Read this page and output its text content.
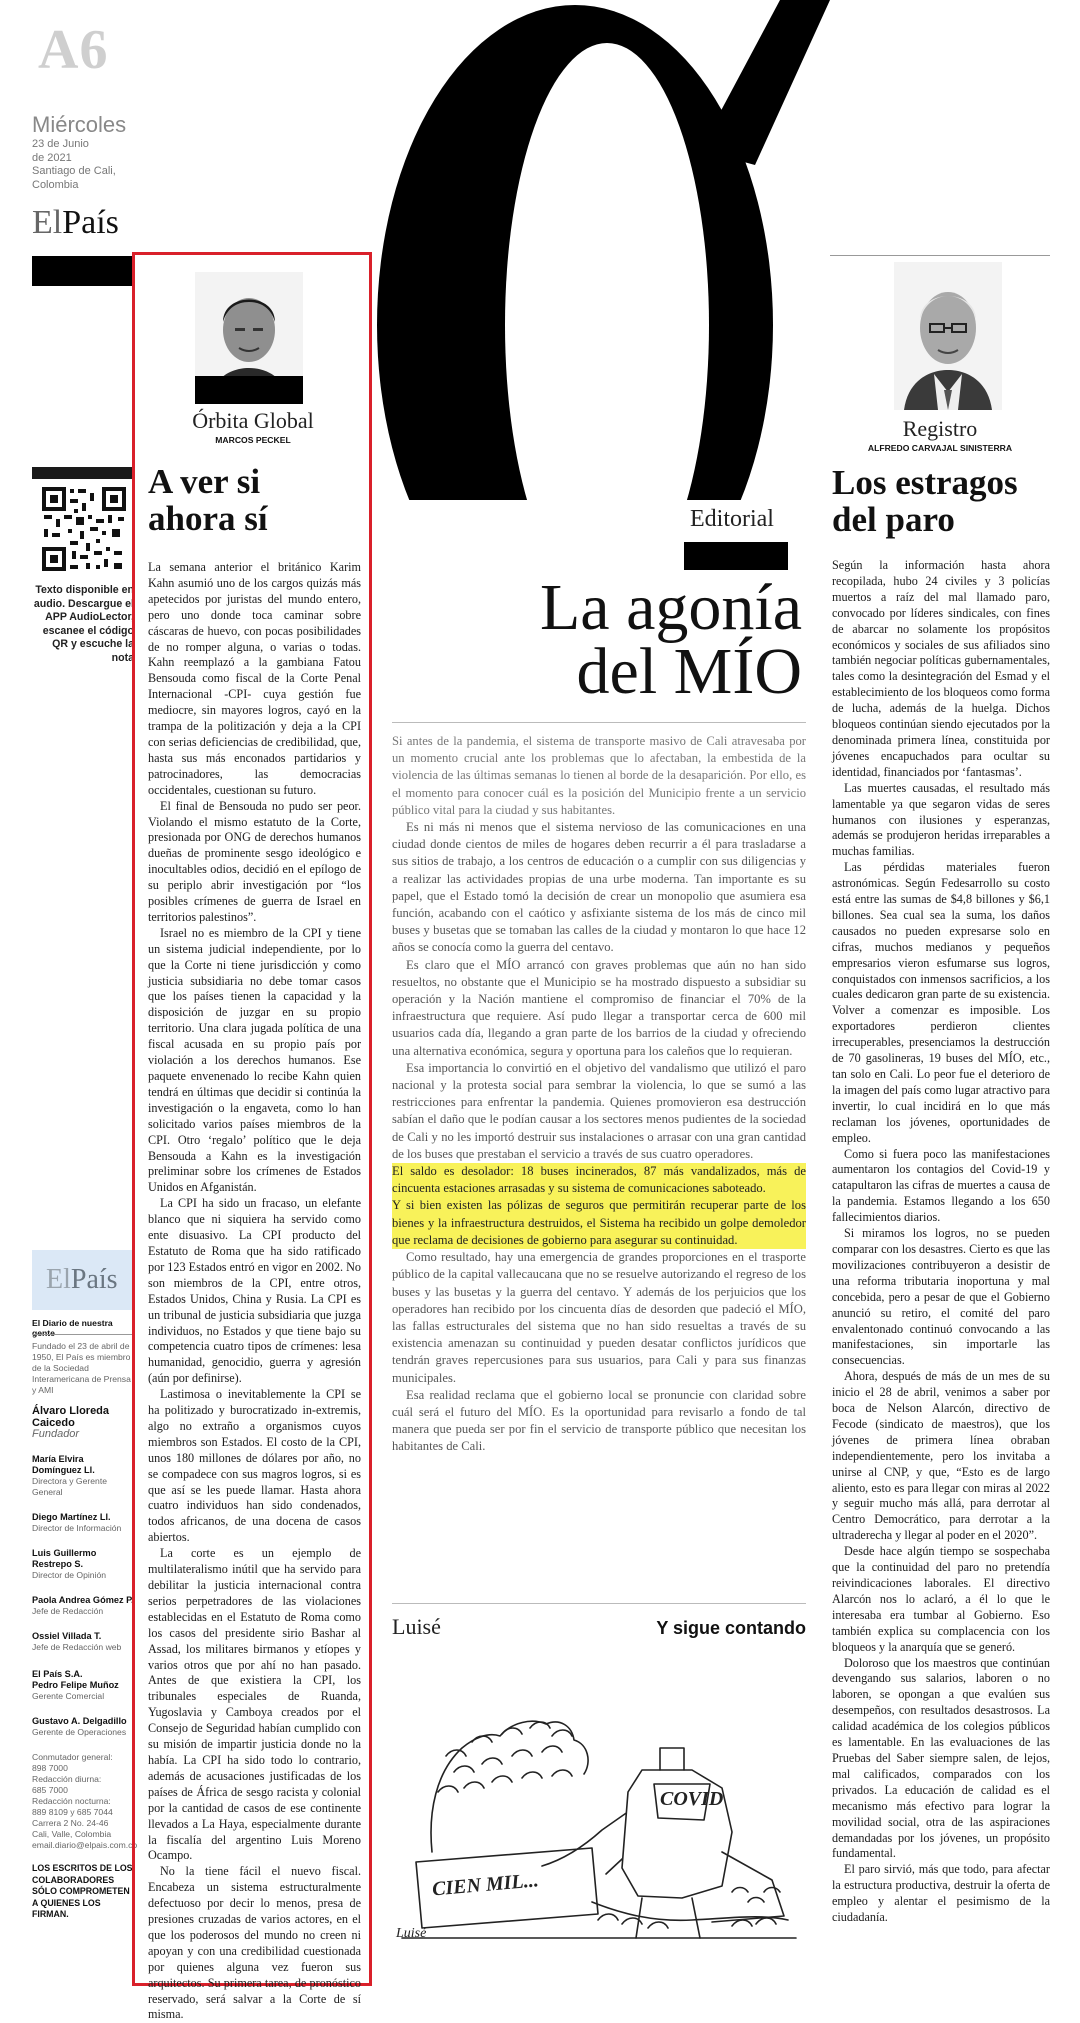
A6
Miércoles
23 de Junio
de 2021
Santiago de Cali,
Colombia
ElPaís
Texto disponible en audio. Descargue el APP AudioLector, escanee el código QR y escuche la nota
ElPaís
El Diario de nuestra gente

Fundado el 23 de abril de 1950, El País es miembro de la Sociedad Interamericana de Prensa y AMI

Álvaro Lloreda Caicedo

Fundador

María Elvira Domínguez Ll.

Directora y Gerente General

Diego Martínez Ll.

Director de Información

Luis Guillermo Restrepo S.

Director de Opinión

Paola Andrea Gómez P.

Jefe de Redacción

Ossiel Villada T.

Jefe de Redacción web

El País S.A.

Pedro Felipe Muñoz

Gerente Comercial

Gustavo A. Delgadillo

Gerente de Operaciones

Conmutador general:

898 7000

Redacción diurna:

685 7000

Redacción nocturna:

889 8109 y 685 7044

Carrera 2 No. 24-46

Cali, Valle, Colombia

email.diario@elpais.com.co

LOS ESCRITOS DE LOS COLABORADORES SÓLO COMPROMETEN A QUIENES LOS FIRMAN.

Órbita Global
MARCOS PECKEL
A ver si
ahora sí

La semana anterior el británico Karim Kahn asumió uno de los cargos quizás más apetecidos por juristas del mundo entero, pero uno donde toca caminar sobre cáscaras de huevo, con pocas posibilidades de no romper alguna, o varias o todas. Kahn reemplazó a la gambiana Fatou Bensouda como fiscal de la Corte Penal Internacional -CPI- cuya gestión fue mediocre, sin mayores logros, cayó en la trampa de la politización y deja a la CPI con serias deficiencias de credibilidad, que, hasta sus más enconados partidarios y patrocinadores, las democracias occidentales, cuestionan su futuro.

El final de Bensouda no pudo ser peor. Violando el mismo estatuto de la Corte, presionada por ONG de derechos humanos dueñas de prominente sesgo ideológico e inocultables odios, decidió en el epílogo de su periplo abrir investigación por “los posibles crímenes de guerra de Israel en territorios palestinos”.

Israel no es miembro de la CPI y tiene un sistema judicial independiente, por lo que la Corte ni tiene jurisdicción y como justicia subsidiaria no debe tomar casos que los países tienen la capacidad y la disposición de juzgar en su propio territorio. Una clara jugada política de una fiscal acusada en su propio país por violación a los derechos humanos. Ese paquete envenenado lo recibe Kahn quien tendrá en últimas que decidir si continúa la investigación o la engaveta, como lo han solicitado varios países miembros de la CPI. Otro ‘regalo’ político que le deja Bensouda a Kahn es la investigación preliminar sobre los crímenes de Estados Unidos en Afganistán.

La CPI ha sido un fracaso, un elefante blanco que ni siquiera ha servido como ente disuasivo. La CPI producto del Estatuto de Roma que ha sido ratificado por 123 Estados entró en vigor en 2002. No son miembros de la CPI, entre otros, Estados Unidos, China y Rusia. La CPI es un tribunal de justicia subsidiaria que juzga individuos, no Estados y que tiene bajo su competencia cuatro tipos de crímenes: lesa humanidad, genocidio, guerra y agresión (aún por definirse).

Lastimosa o inevitablemente la CPI se ha politizado y burocratizado in-extremis, algo no extraño a organismos cuyos miembros son Estados. El costo de la CPI, unos 180 millones de dólares por año, no se compadece con sus magros logros, si es que así se les puede llamar. Hasta ahora cuatro individuos han sido condenados, todos africanos, de una docena de casos abiertos.

La corte es un ejemplo de multilateralismo inútil que ha servido para debilitar la justicia internacional contra serios perpetradores de las violaciones establecidas en el Estatuto de Roma como los casos del presidente sirio Bashar al Assad, los militares birmanos y etíopes y varios otros que por ahí no han pasado. Antes de que existiera la CPI, los tribunales especiales de Ruanda, Yugoslavia y Camboya creados por el Consejo de Seguridad habían cumplido con su misión de impartir justicia donde no la había. La CPI ha sido todo lo contrario, además de acusaciones justificadas de los países de África de sesgo racista y colonial por la cantidad de casos de ese continente llevados a La Haya, especialmente durante la fiscalía del argentino Luis Moreno Ocampo.

No la tiene fácil el nuevo fiscal. Encabeza un sistema estructuralmente defectuoso por decir lo menos, presa de presiones cruzadas de varios actores, en el que los poderosos del mundo no creen ni apoyan y con una credibilidad cuestionada por quienes alguna vez fueron sus arquitectos. Su primera tarea, de pronóstico reservado, será salvar a la Corte de sí misma.

Editorial
La agonía
del MÍO

Si antes de la pandemia, el sistema de transporte masivo de Cali atravesaba por un momento crucial ante los problemas que lo afectaban, la embestida de la violencia de las últimas semanas lo tienen al borde de la desaparición. Por ello, es el momento para conocer cuál es la posición del Municipio frente a un servicio público vital para la ciudad y sus habitantes.

Es ni más ni menos que el sistema nervioso de las comunicaciones en una ciudad donde cientos de miles de hogares deben recurrir a él para trasladarse a sus sitios de trabajo, a los centros de educación o a cumplir con sus diligencias y a realizar las actividades propias de una urbe moderna. Tan importante es su papel, que el Estado tomó la decisión de crear un monopolio que asumiera esa función, acabando con el caótico y asfixiante sistema de los más de cinco mil buses y busetas que se tomaban las calles de la ciudad y montaron lo que hace 12 años se conocía como la guerra del centavo.

Es claro que el MÍO arrancó con graves problemas que aún no han sido resueltos, no obstante que el Municipio se ha mostrado dispuesto a subsidiar su operación y la Nación mantiene el compromiso de financiar el 70% de la infraestructura que requiere. Así pudo llegar a transportar cerca de 600 mil usuarios cada día, llegando a gran parte de los barrios de la ciudad y ofreciendo una alternativa económica, segura y oportuna para los caleños que lo requieran.

Esa importancia lo convirtió en el objetivo del vandalismo que utilizó el paro nacional y la protesta social para sembrar la violencia, lo que se sumó a las restricciones para enfrentar la pandemia. Quienes promovieron esa destrucción sabían el daño que le podían causar a los sectores menos pudientes de la sociedad de Cali y no les importó destruir sus instalaciones o arrasar con una gran cantidad de los buses que prestaban el servicio a través de sus cuatro operadores.

El saldo es desolador: 18 buses incinerados, 87 más vandalizados, más de cincuenta estaciones arrasadas y su sistema de comunicaciones saboteado.

Y si bien existen las pólizas de seguros que permitirán recuperar parte de los bienes y la infraestructura destruidos, el Sistema ha recibido un golpe demoledor que reclama de decisiones de gobierno para asegurar su continuidad.

Como resultado, hay una emergencia de grandes proporciones en el trasporte público de la capital vallecaucana que no se resuelve autorizando el regreso de los buses y las busetas y la guerra del centavo. Y además de los perjuicios que los operadores han recibido por los cincuenta días de desorden que padeció el MÍO, las fallas estructurales del sistema que no han sido resueltas a través de su existencia amenazan su continuidad y pueden desatar conflictos jurídicos que tendrán graves repercusiones para sus usuarios, para Cali y para sus finanzas municipales.

Esa realidad reclama que el gobierno local se pronuncie con claridad sobre cuál será el futuro del MÍO. Es la oportunidad para revisarlo a fondo de tal manera que pueda ser por fin el servicio de transporte público que necesitan los habitantes de Cali.

Luisé	Y sigue contando
CIEN MIL...
COVID
Luisé
Registro
ALFREDO CARVAJAL SINISTERRA
Los estragos
del paro

Según la información hasta ahora recopilada, hubo 24 civiles y 3 policías muertos a raíz del mal llamado paro, convocado por líderes sindicales, con fines de abarcar no solamente los propósitos económicos y sociales de sus afiliados sino también negociar políticas gubernamentales, tales como la desintegración del Esmad y el establecimiento de los bloqueos como forma de lucha, además de la huelga. Dichos bloqueos continúan siendo ejecutados por la denominada primera línea, constituida por jóvenes encapuchados para ocultar su identidad, financiados por ‘fantasmas’.

Las muertes causadas, el resultado más lamentable ya que segaron vidas de seres humanos con ilusiones y esperanzas, además se produjeron heridas irreparables a muchas familias.

Las pérdidas materiales fueron astronómicas. Según Fedesarrollo su costo está entre las sumas de $4,8 billones y $6,1 billones. Sea cual sea la suma, los daños causados no pueden expresarse solo en cifras, muchos medianos y pequeños empresarios vieron esfumarse sus logros, conquistados con inmensos sacrificios, a los cuales dedicaron gran parte de su existencia. Volver a comenzar es imposible. Los exportadores perdieron clientes irrecuperables, presenciamos la destrucción de 70 gasolineras, 19 buses del MÍO, etc., tan solo en Cali. Lo peor fue el deterioro de la imagen del país como lugar atractivo para invertir, lo cual incidirá en lo que más reclaman los jóvenes, oportunidades de empleo.

Como si fuera poco las manifestaciones aumentaron los contagios del Covid-19 y catapultaron las cifras de muertes a causa de la pandemia. Estamos llegando a los 650 fallecimientos diarios.

Si miramos los logros, no se pueden comparar con los desastres. Cierto es que las movilizaciones contribuyeron a desistir de una reforma tributaria inoportuna y mal concebida, pero a pesar de que el Gobierno anunció su retiro, el comité del paro envalentonado continuó convocando a las manifestaciones, sin importarle las consecuencias.

Ahora, después de más de un mes de su inicio el 28 de abril, venimos a saber por boca de Nelson Alarcón, directivo de Fecode (sindicato de maestros), que los jóvenes de primera línea obraban independientemente, pero los invitaba a unirse al CNP, y que, “Esto es de largo aliento, esto es para llegar con miras al 2022 y seguir mucho más allá, para derrotar al Centro Democrático, para derrotar a la ultraderecha y llegar al poder en el 2020”.

Desde hace algún tiempo se sospechaba que la continuidad del paro no pretendía reivindicaciones laborales. El directivo Alarcón nos lo aclaró, a él lo que le interesaba era tumbar al Gobierno. Eso también explica su complacencia con los bloqueos y la anarquía que se generó.

Doloroso que los maestros que continúan devengando sus salarios, laboren o no laboren, se opongan a que evalúen sus desempeños, con resultados desastrosos. La calidad académica de los colegios públicos es lamentable. En las evaluaciones de las Pruebas del Saber siempre salen, de lejos, mal calificados, comparados con los privados. La educación de calidad es el mecanismo más efectivo para lograr la movilidad social, otra de las aspiraciones demandadas por los jóvenes, un propósito fundamental.

El paro sirvió, más que todo, para afectar la estructura productiva, destruir la oferta de empleo y alentar el pesimismo de la ciudadanía.
